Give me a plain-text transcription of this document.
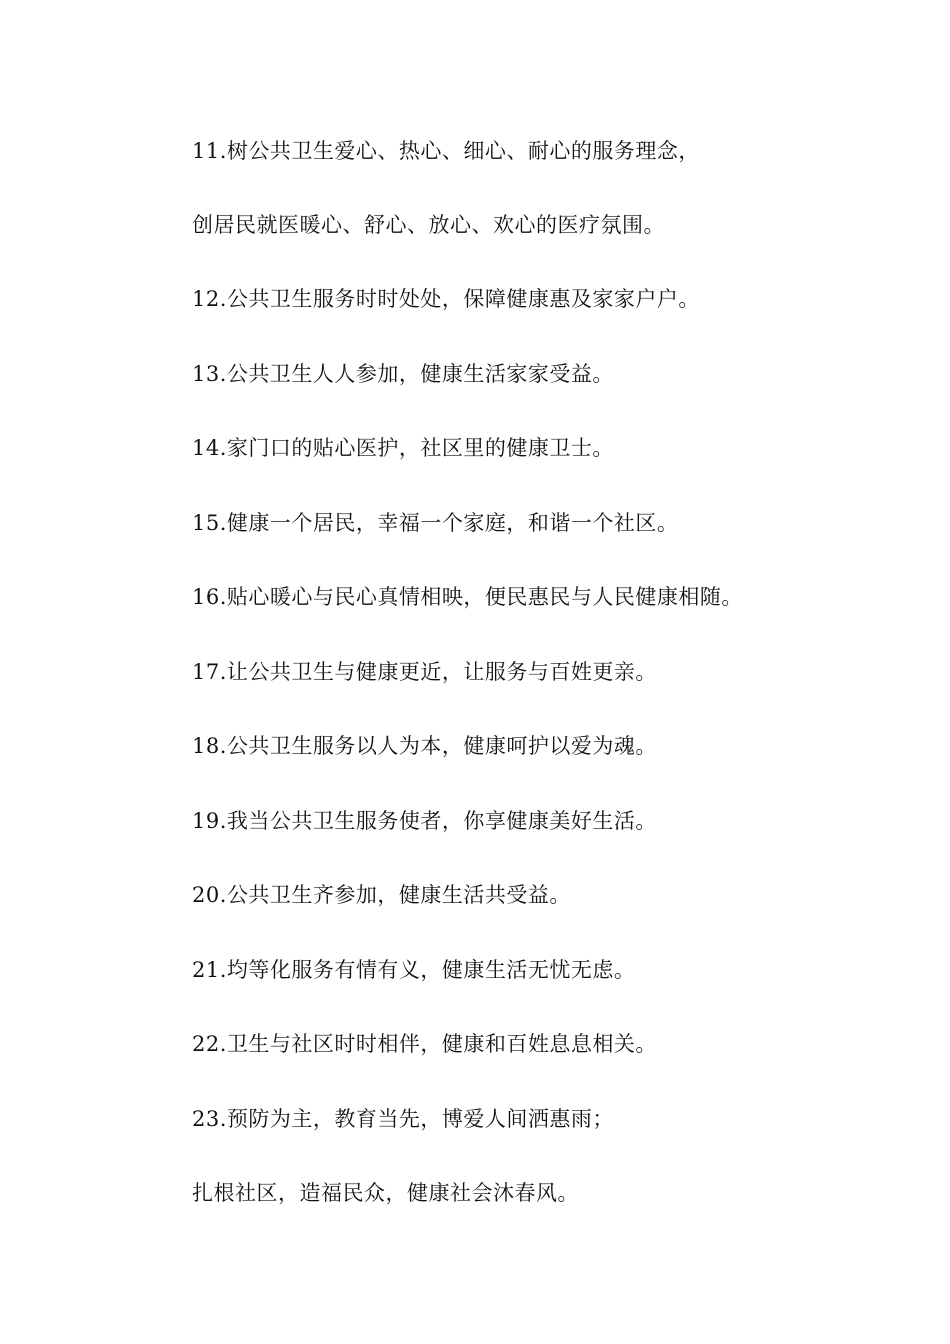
11.树公共卫生爱心、热心、细心、耐心的服务理念，
创居民就医暖心、舒心、放心、欢心的医疗氛围。
12.公共卫生服务时时处处，保障健康惠及家家户户。
13.公共卫生人人参加，健康生活家家受益。
14.家门口的贴心医护，社区里的健康卫士。
15.健康一个居民，幸福一个家庭，和谐一个社区。
16.贴心暖心与民心真情相映，便民惠民与人民健康相随。
17.让公共卫生与健康更近，让服务与百姓更亲。
18.公共卫生服务以人为本，健康呵护以爱为魂。
19.我当公共卫生服务使者，你享健康美好生活。
20.公共卫生齐参加，健康生活共受益。
21.均等化服务有情有义，健康生活无忧无虑。
22.卫生与社区时时相伴，健康和百姓息息相关。
23.预防为主，教育当先，博爱人间洒惠雨；
扎根社区，造福民众，健康社会沐春风。
